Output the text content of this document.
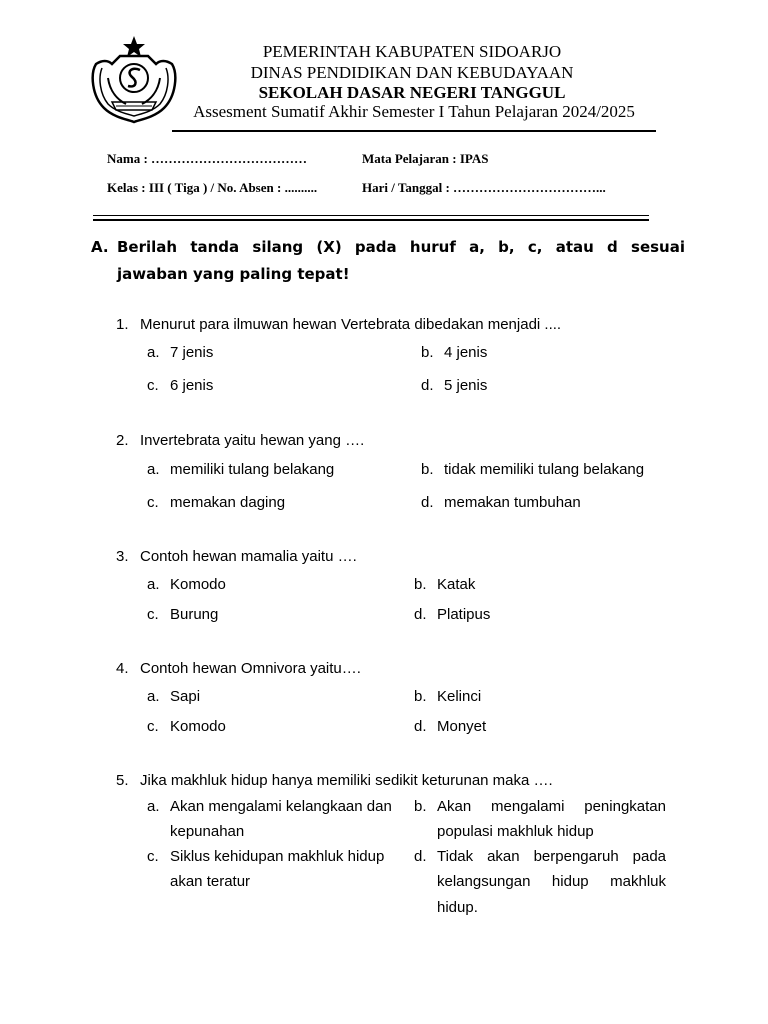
PEMERINTAH KABUPATEN SIDOARJO
DINAS PENDIDIKAN DAN KEBUDAYAAN
SEKOLAH DASAR NEGERI TANGGUL
Assesment Sumatif Akhir Semester I Tahun Pelajaran 2024/2025
Nama : ………………………………	Mata Pelajaran : IPAS
Kelas : III ( Tiga ) / No. Absen : ..........	Hari / Tanggal : ……………………………...
A. Berilah tanda silang (X) pada huruf a, b, c, atau d sesuai
jawaban yang paling tepat!
1. Menurut para ilmuwan hewan Vertebrata dibedakan menjadi ....
a. 7 jenis	b. 4 jenis
c. 6 jenis	d. 5 jenis
2. Invertebrata yaitu hewan yang ….
a. memiliki tulang belakang	b. tidak memiliki tulang belakang
c. memakan daging	d. memakan tumbuhan
3. Contoh hewan mamalia yaitu ….
a. Komodo	b. Katak
c. Burung	d. Platipus
4. Contoh hewan Omnivora yaitu….
a. Sapi	b. Kelinci
c. Komodo	d. Monyet
5. Jika makhluk hidup hanya memiliki sedikit keturunan maka ….
a. Akan mengalami kelangkaan dan
kepunahan
b. Akan mengalami peningkatan
populasi makhluk hidup
c. Siklus kehidupan makhluk hidup
akan teratur
d. Tidak akan berpengaruh pada
kelangsungan hidup makhluk
hidup.
